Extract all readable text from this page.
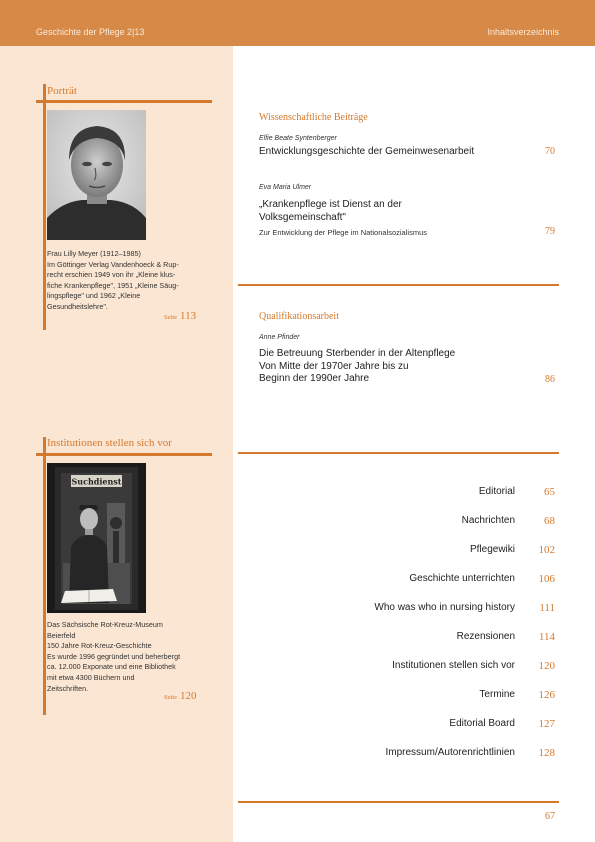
Geschichte der Pflege 2|13	Inhaltsverzeichnis
Porträt
Frau Lilly Meyer (1912–1985)
Im Göttinger Verlag Vandenhoeck & Rup-
recht erschien 1949 von ihr „Kleine klus-
fiche Krankenpflege", 1951 „Kleine Säug-
lingspflege" und 1962 „Kleine
Gesundheitslehre".
Seite 113
Institutionen stellen sich vor
Suchdienst
Das Sächsische Rot-Kreuz-Museum
Beierfeld
150 Jahre Rot-Kreuz-Geschichte
Es wurde 1996 gegründet und beherbergt
ca. 12.000 Exponate und eine Bibliothek
mit etwa 4300 Büchern und
Zeitschriften.
Seite 120
Wissenschaftliche Beiträge
Elfie Beate Syntenberger
Entwicklungsgeschichte der Gemeinwesenarbeit	70
Eva Maria Ulmer
„Krankenpflege ist Dienst an der
Volksgemeinschaft"
Zur Entwicklung der Pflege im Nationalsozialismus	79
Qualifikationsarbeit
Anne Pfinder
Die Betreuung Sterbender in der Altenpflege
Von Mitte der 1970er Jahre bis zu
Beginn der 1990er Jahre	86
Editorial	65
Nachrichten	68
Pflegewiki 102
Geschichte unterrichten 106
Who was who in nursing history 111
Rezensionen 114
Institutionen stellen sich vor 120
Termine 126
Editorial Board 127
Impressum/Autorenrichtlinien 128
67
